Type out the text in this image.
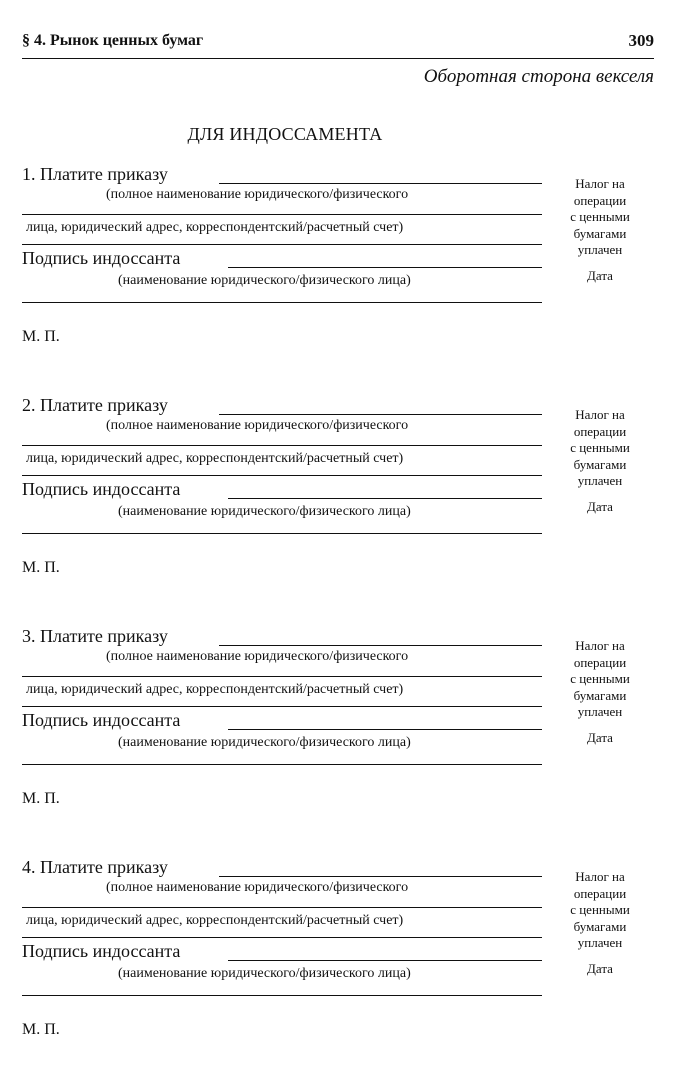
§ 4. Рынок ценных бумаг	309
Оборотная сторона векселя
ДЛЯ ИНДОССАМЕНТА
1. Платите приказу
(полное наименование юридического/физического
лица, юридический адрес, корреспондентский/расчетный счет)
Подпись индоссанта
(наименование юридического/физического лица)
М. П.
Налог на
операции
с ценными
бумагами
уплачен
Дата
2. Платите приказу
(полное наименование юридического/физического
лица, юридический адрес, корреспондентский/расчетный счет)
Подпись индоссанта
(наименование юридического/физического лица)
М. П.
Налог на
операции
с ценными
бумагами
уплачен
Дата
3. Платите приказу
(полное наименование юридического/физического
лица, юридический адрес, корреспондентский/расчетный счет)
Подпись индоссанта
(наименование юридического/физического лица)
М. П.
Налог на
операции
с ценными
бумагами
уплачен
Дата
4. Платите приказу
(полное наименование юридического/физического
лица, юридический адрес, корреспондентский/расчетный счет)
Подпись индоссанта
(наименование юридического/физического лица)
М. П.
Налог на
операции
с ценными
бумагами
уплачен
Дата
